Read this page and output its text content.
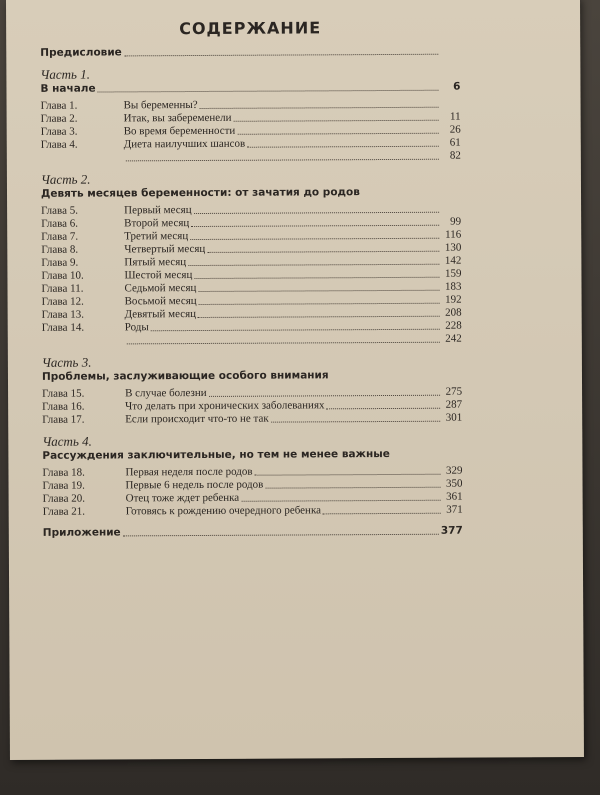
СОДЕРЖАНИЕ
Предисловие
Часть 1.
В начале	6
Глава 1.	Вы беременны?
Глава 2.	Итак, вы забеременели	11
Глава 3.	Во время беременности	26
Глава 4.	Диета наилучших шансов	61
82
Часть 2.
Девять месяцев беременности: от зачатия до родов
Глава 5.	Первый месяц
Глава 6.	Второй месяц	99
Глава 7.	Третий месяц	116
Глава 8.	Четвертый месяц	130
Глава 9.	Пятый месяц	142
Глава 10.	Шестой месяц	159
Глава 11.	Седьмой месяц	183
Глава 12.	Восьмой месяц	192
Глава 13.	Девятый месяц	208
Глава 14.	Роды	228
242
Часть 3.
Проблемы, заслуживающие особого внимания
Глава 15.	В случае болезни	275
Глава 16.	Что делать при хронических заболеваниях	287
Глава 17.	Если происходит что-то не так	301
Часть 4.
Рассуждения заключительные, но тем не менее важные
Глава 18.	Первая неделя после родов	329
Глава 19.	Первые 6 недель после родов	350
Глава 20.	Отец тоже ждет ребенка	361
Глава 21.	Готовясь к рождению очередного ребенка	371
Приложение	377
